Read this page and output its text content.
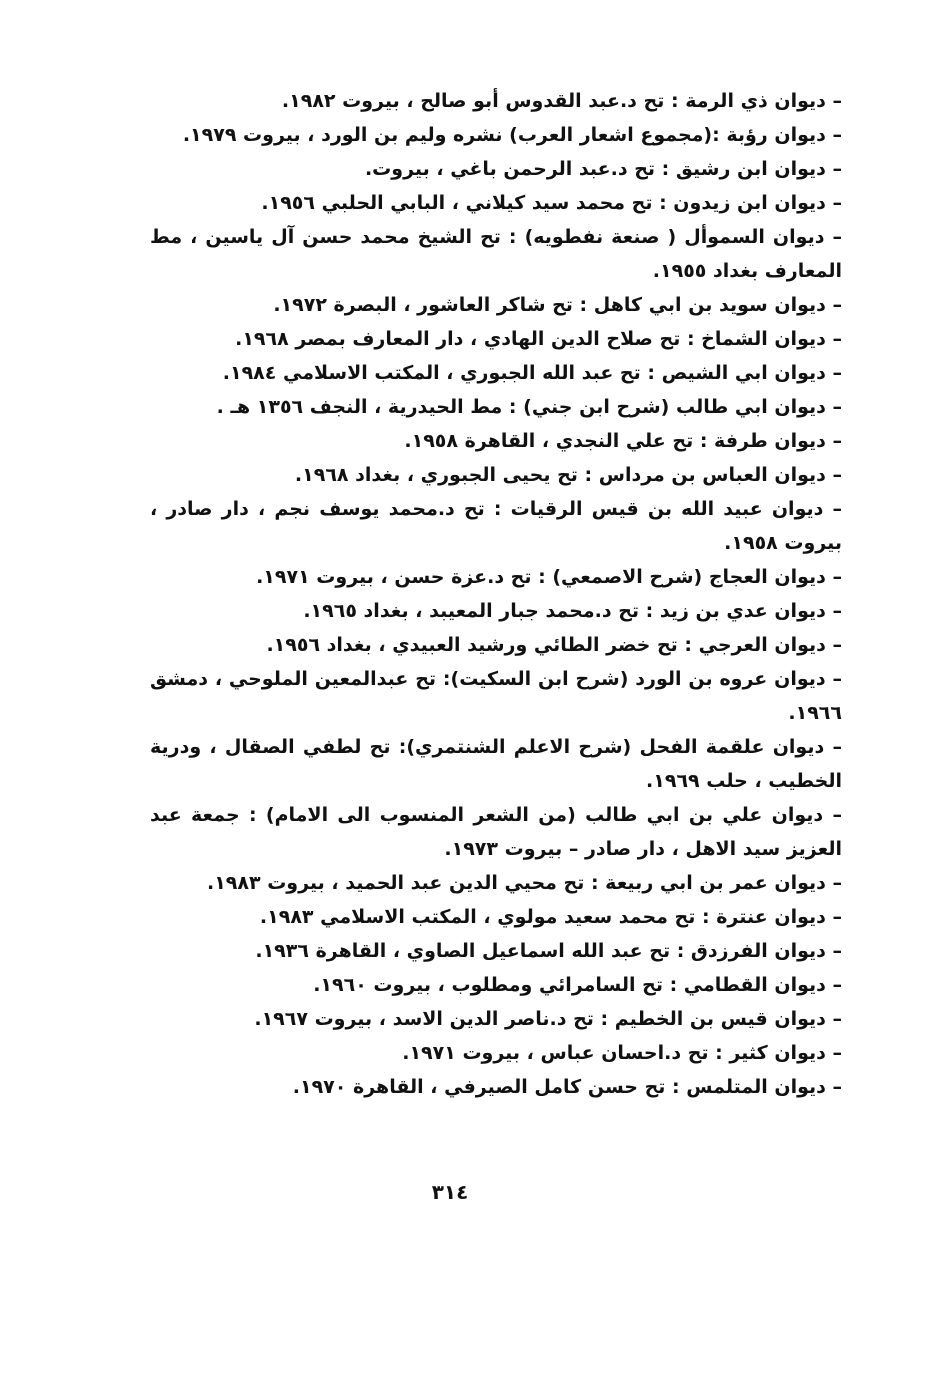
– ديوان ذي الرمة : تح د.عبد القدوس أبو صالح ، بيروت ١٩٨٢.

– ديوان رؤبة :(مجموع اشعار العرب) نشره وليم بن الورد ، بيروت ١٩٧٩.

– ديوان ابن رشيق : تح د.عبد الرحمن باغي ، بيروت.

– ديوان ابن زيدون : تح محمد سيد كيلاني ، البابي الحلبي ١٩٥٦.

– ديوان السموأل ( صنعة نفطويه) : تح الشيخ محمد حسن آل ياسين ، مط المعارف بغداد ١٩٥٥.

– ديوان سويد بن ابي كاهل : تح شاكر العاشور ، البصرة ١٩٧٢.

– ديوان الشماخ : تح صلاح الدين الهادي ، دار المعارف بمصر ١٩٦٨.

– ديوان ابي الشيص : تح عبد الله الجبوري ، المكتب الاسلامي ١٩٨٤.

– ديوان ابي طالب (شرح ابن جني) : مط الحيدرية ، النجف ١٣٥٦ هـ .

– ديوان طرفة : تح علي النجدي ، القاهرة ١٩٥٨.

– ديوان العباس بن مرداس : تح يحيى الجبوري ، بغداد ١٩٦٨.

– ديوان عبيد الله بن قيس الرقيات : تح د.محمد يوسف نجم ، دار صادر ، بيروت ١٩٥٨.

– ديوان العجاج (شرح الاصمعي) : تح د.عزة حسن ، بيروت ١٩٧١.

– ديوان عدي بن زيد : تح د.محمد جبار المعيبد ، بغداد ١٩٦٥.

– ديوان العرجي : تح خضر الطائي ورشيد العبيدي ، بغداد ١٩٥٦.

– ديوان عروه بن الورد (شرح ابن السكيت): تح عبدالمعين الملوحي ، دمشق ١٩٦٦.

– ديوان علقمة الفحل (شرح الاعلم الشنتمري): تح لطفي الصقال ، ودرية الخطيب ، حلب ١٩٦٩.

– ديوان علي بن ابي طالب (من الشعر المنسوب الى الامام) : جمعة عبد العزيز سيد الاهل ، دار صادر – بيروت ١٩٧٣.

– ديوان عمر بن ابي ربيعة : تح محيي الدين عبد الحميد ، بيروت ١٩٨٣.

– ديوان عنترة : تح محمد سعيد مولوي ، المكتب الاسلامي ١٩٨٣.

– ديوان الفرزدق : تح عبد الله اسماعيل الصاوي ، القاهرة ١٩٣٦.

– ديوان القطامي : تح السامرائي ومطلوب ، بيروت ١٩٦٠.

– ديوان قيس بن الخطيم : تح د.ناصر الدين الاسد ، بيروت ١٩٦٧.

– ديوان كثير : تح د.احسان عباس ، بيروت ١٩٧١.

– ديوان المتلمس : تح حسن كامل الصيرفي ، القاهرة ١٩٧٠.

٣١٤
